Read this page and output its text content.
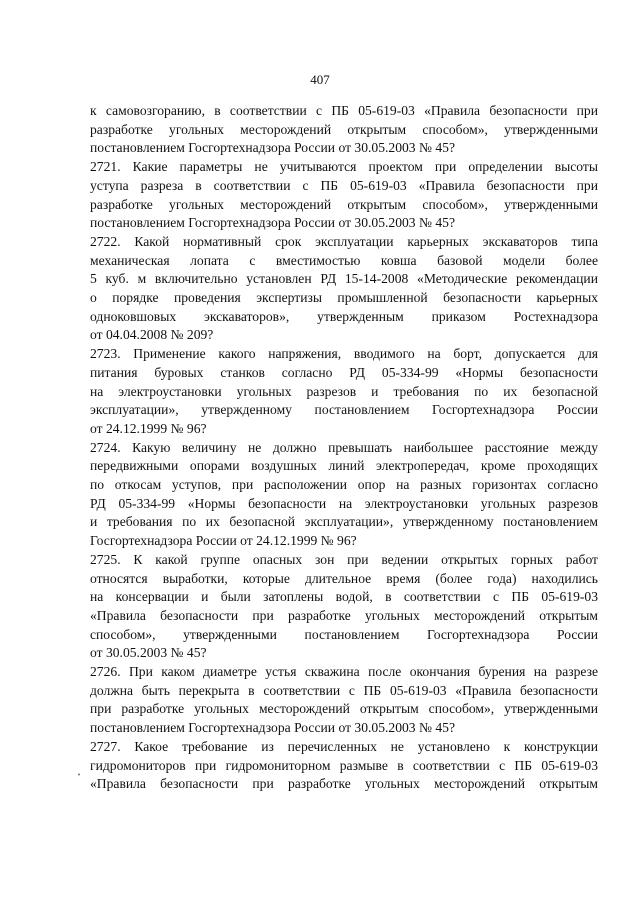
407
к самовозгоранию, в соответствии с ПБ 05-619-03 «Правила безопасности при
разработке угольных месторождений открытым способом», утвержденными
постановлением Госгортехнадзора России от 30.05.2003 № 45?
2721. Какие параметры не учитываются проектом при определении высоты
уступа разреза в соответствии с ПБ 05-619-03 «Правила безопасности при
разработке угольных месторождений открытым способом», утвержденными
постановлением Госгортехнадзора России от 30.05.2003 № 45?
2722. Какой нормативный срок эксплуатации карьерных экскаваторов типа
механическая лопата с вместимостью ковша базовой модели более
5 куб. м включительно установлен РД 15-14-2008 «Методические рекомендации
о порядке проведения экспертизы промышленной безопасности карьерных
одноковшовых экскаваторов», утвержденным приказом Ростехнадзора
от 04.04.2008 № 209?
2723. Применение какого напряжения, вводимого на борт, допускается для
питания буровых станков согласно РД 05-334-99 «Нормы безопасности
на электроустановки угольных разрезов и требования по их безопасной
эксплуатации», утвержденному постановлением Госгортехнадзора России
от 24.12.1999 № 96?
2724. Какую величину не должно превышать наибольшее расстояние между
передвижными опорами воздушных линий электропередач, кроме проходящих
по откосам уступов, при расположении опор на разных горизонтах согласно
РД 05-334-99 «Нормы безопасности на электроустановки угольных разрезов
и требования по их безопасной эксплуатации», утвержденному постановлением
Госгортехнадзора России от 24.12.1999 № 96?
2725. К какой группе опасных зон при ведении открытых горных работ
относятся выработки, которые длительное время (более года) находились
на консервации и были затоплены водой, в соответствии с ПБ 05-619-03
«Правила безопасности при разработке угольных месторождений открытым
способом», утвержденными постановлением Госгортехнадзора России
от 30.05.2003 № 45?
2726. При каком диаметре устья скважина после окончания бурения на разрезе
должна быть перекрыта в соответствии с ПБ 05-619-03 «Правила безопасности
при разработке угольных месторождений открытым способом», утвержденными
постановлением Госгортехнадзора России от 30.05.2003 № 45?
2727. Какое требование из перечисленных не установлено к конструкции
гидромониторов при гидромониторном размыве в соответствии с ПБ 05-619-03
«Правила безопасности при разработке угольных месторождений открытым
